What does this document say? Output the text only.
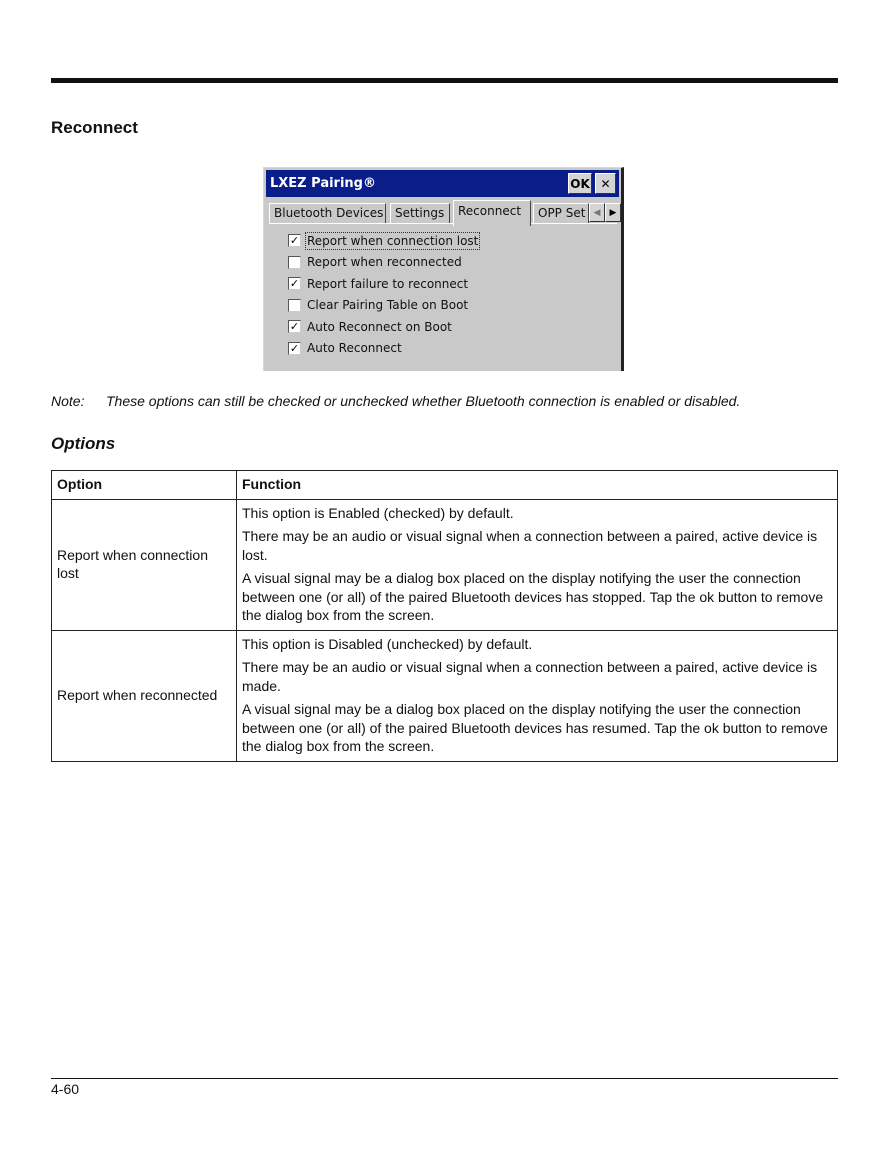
Reconnect
LXEZ Pairing®	OK ✕
Bluetooth Devices Settings	Reconnect	OPP Set ◀	▶
✓ Report when connection lost
Report when reconnected
✓ Report failure to reconnect
Clear Pairing Table on Boot
✓ Auto Reconnect on Boot
✓ Auto Reconnect
Note:	These options can still be checked or unchecked whether Bluetooth connection is enabled or disabled.
Options
Option	Function
Report when connection lost	This option is Enabled (checked) by default.

There may be an audio or visual signal when a connection between a paired, active device is lost.

A visual signal may be a dialog box placed on the display notifying the user the connection between one (or all) of the paired Bluetooth devices has stopped. Tap the ok button to remove the dialog box from the screen.

Report when reconnected	This option is Disabled (unchecked) by default.

There may be an audio or visual signal when a connection between a paired, active device is made.

A visual signal may be a dialog box placed on the display notifying the user the connection between one (or all) of the paired Bluetooth devices has resumed. Tap the ok button to remove the dialog box from the screen.

4-60
